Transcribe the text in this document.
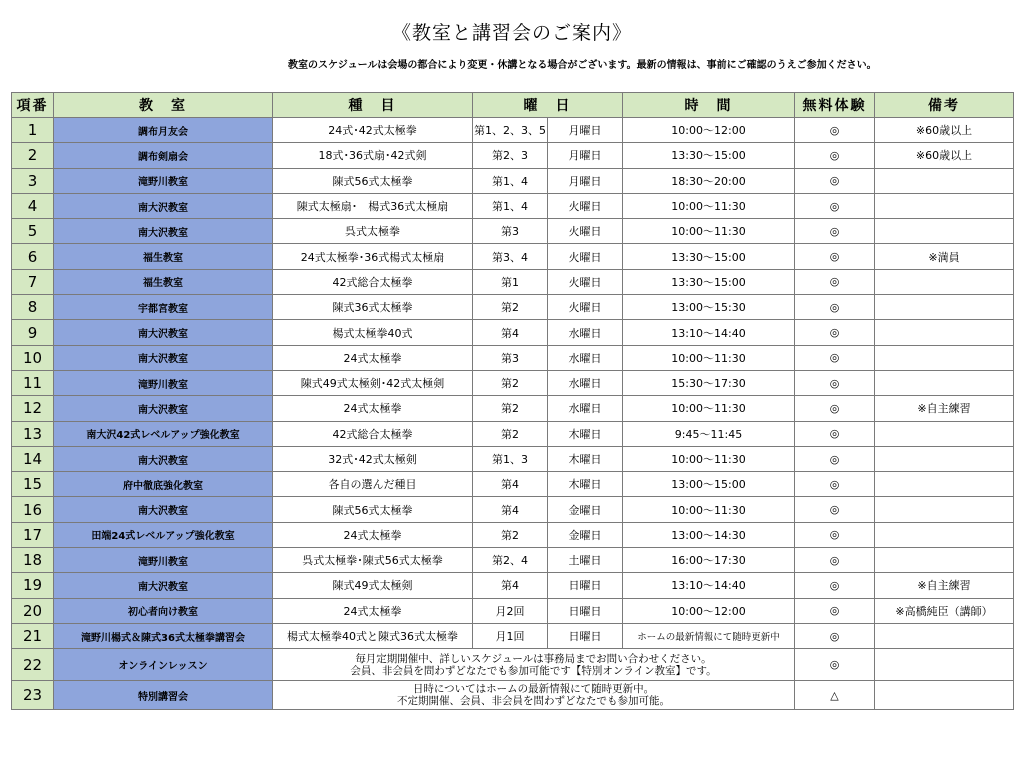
《教室と講習会のご案内》
教室のスケジュールは会場の都合により変更・休講となる場合がございます。最新の情報は、事前にご確認のうえご参加ください。
項番	教　室	種　目	曜　日		時　間	無料体験	備考
1	調布月友会	24式･42式太極拳	第1、2、3、5	月曜日	10:00～12:00	◎	※60歳以上
2	調布剣扇会	18式･36式扇･42式剣	第2、3	月曜日	13:30～15:00	◎	※60歳以上
3	滝野川教室	陳式56式太極拳	第1、4	月曜日	18:30～20:00	◎	
4	南大沢教室	陳式太極扇･　楊式36式太極扇	第1、4	火曜日	10:00～11:30	◎	
5	南大沢教室	呉式太極拳	第3	火曜日	10:00～11:30	◎	
6	福生教室	24式太極拳･36式楊式太極扇	第3、4	火曜日	13:30～15:00	◎	※満員
7	福生教室	42式総合太極拳	第1	火曜日	13:30～15:00	◎	
8	宇都宮教室	陳式36式太極拳	第2	火曜日	13:00～15:30	◎	
9	南大沢教室	楊式太極拳40式	第4	水曜日	13:10～14:40	◎	
10	南大沢教室	24式太極拳	第3	水曜日	10:00～11:30	◎	
11	滝野川教室	陳式49式太極剣･42式太極剣	第2	水曜日	15:30～17:30	◎	
12	南大沢教室	24式太極拳	第2	水曜日	10:00～11:30	◎	※自主練習
13	南大沢42式レベルアップ強化教室	42式総合太極拳	第2	木曜日	9:45～11:45	◎	
14	南大沢教室	32式･42式太極剣	第1、3	木曜日	10:00～11:30	◎	
15	府中徹底強化教室	各自の選んだ種目	第4	木曜日	13:00～15:00	◎	
16	南大沢教室	陳式56式太極拳	第4	金曜日	10:00～11:30	◎	
17	田端24式レベルアップ強化教室	24式太極拳	第2	金曜日	13:00～14:30	◎	
18	滝野川教室	呉式太極拳･陳式56式太極拳	第2、4	土曜日	16:00～17:30	◎	
19	南大沢教室	陳式49式太極剣	第4	日曜日	13:10～14:40	◎	※自主練習
20	初心者向け教室	24式太極拳	月2回	日曜日	10:00～12:00	◎	※高橋純臣（講師）
21	滝野川楊式＆陳式36式太極拳講習会	楊式太極拳40式と陳式36式太極拳	月1回	日曜日	ホームの最新情報にて随時更新中	◎	
22	オンラインレッスン	毎月定期開催中、詳しいスケジュールは事務局までお問い合わせください。
会員、非会員を問わずどなたでも参加可能です【特別オンライン教室】です。				◎	
23	特別講習会	日時についてはホームの最新情報にて随時更新中。
不定期開催、会員、非会員を問わずどなたでも参加可能。				△	
